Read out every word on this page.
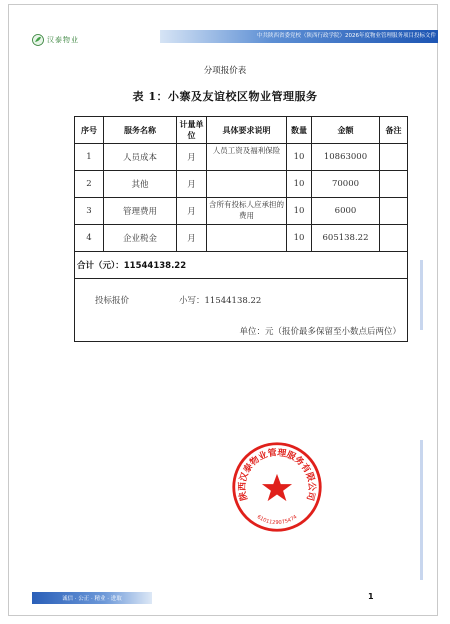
汉泰物业	中共陕西省委党校（陕西行政学院）2026年度物业管理服务项目投标文件
分项报价表
表 1：小寨及友谊校区物业管理服务
序号	服务名称	计量单位	具体要求说明	数量	金额	备注
1	人员成本	月	人员工资及福利保险	10	10863000	
2	其他	月		10	70000	
3	管理费用	月	含所有投标人应承担的费用	10	6000	
4	企业税金	月		10	605138.22	
合计（元）：11544138.22						

投标报价 小写：11544138.22
单位：元（报价最多保留至小数点后两位）						
陕西汉泰物业管理服务有限公司
6101129075474
诚信 · 公正 · 精业 · 进取	1
